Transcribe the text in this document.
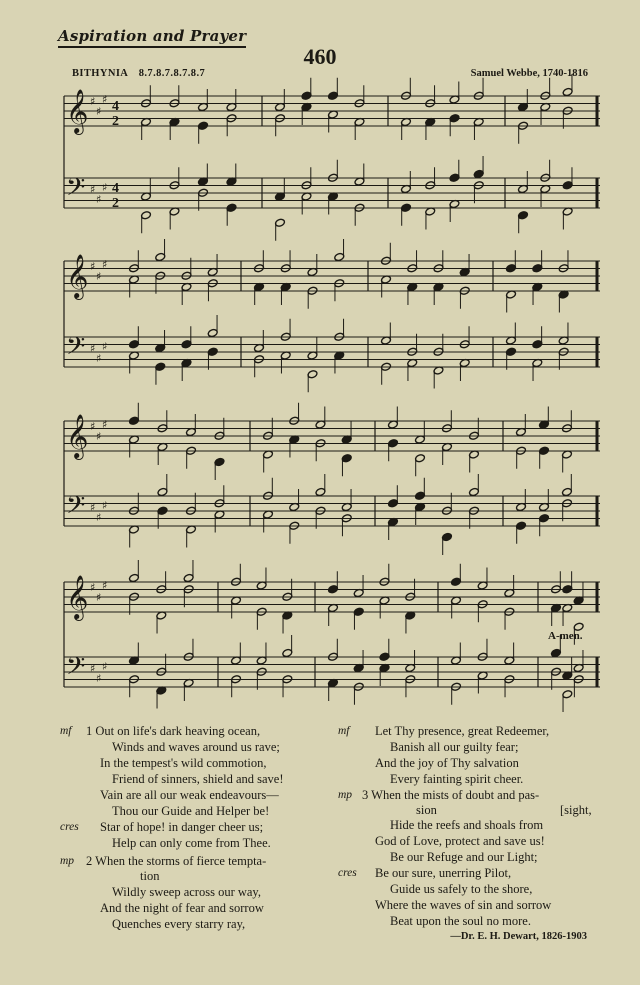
Aspiration and Prayer
460
BITHYNIA 8.7.8.7.8.7.8.7	Samuel Webbe, 1740-1816
𝄞 ♯
♯
♯ 4
2
𝄢 ♯
♯
♯ 4
2
𝄞 ♯
♯
♯
𝄢 ♯
♯
♯
𝄞 ♯
♯
♯
𝄢 ♯
♯
♯
𝄞 ♯
♯
♯
𝄢 ♯
♯
♯
A-men.
mf 1 Out on life's dark heaving ocean,
Winds and waves around us rave;
In the tempest's wild commotion,
Friend of sinners, shield and save!
Vain are all our weak endeavours—
Thou our Guide and Helper be!
cres Star of hope! in danger cheer us;
Help can only come from Thee.
mp 2 When the storms of fierce tempta-
tion
Wildly sweep across our way,
And the night of fear and sorrow
Quenches every starry ray,
mf Let Thy presence, great Redeemer,
Banish all our guilty fear;
And the joy of Thy salvation
Every fainting spirit cheer.
mp 3 When the mists of doubt and pas-
sion	[sight,
Hide the reefs and shoals from
God of Love, protect and save us!
Be our Refuge and our Light;
cres Be our sure, unerring Pilot,
Guide us safely to the shore,
Where the waves of sin and sorrow
Beat upon the soul no more.
—Dr. E. H. Dewart, 1826-1903
